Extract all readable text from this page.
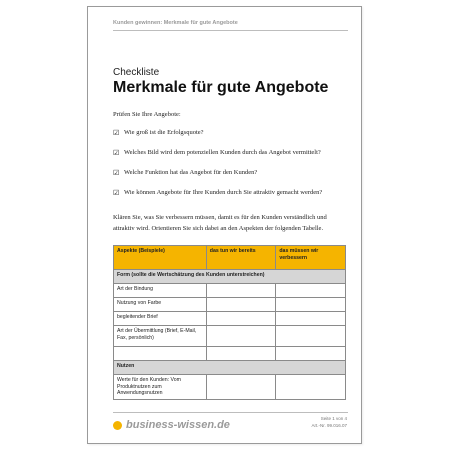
Kunden gewinnen: Merkmale für gute Angebote
Checkliste
Merkmale für gute Angebote
Prüfen Sie Ihre Angebote:
☑ Wie groß ist die Erfolgsquote?
☑ Welches Bild wird dem potenziellen Kunden durch das Angebot vermittelt?
☑ Welche Funktion hat das Angebot für den Kunden?
☑ Wie können Angebote für Ihre Kunden durch Sie attraktiv gemacht werden?
Klären Sie, was Sie verbessern müssen, damit es für den Kunden verständlich und attraktiv wird. Orientieren Sie sich dabei an den Aspekten der folgenden Tabelle.
Aspekte (Beispiele)	das tun wir bereits	das müssen wir verbessern
Form (sollte die Wertschätzung des Kunden unterstreichen)		
Art der Bindung		
Nutzung von Farbe		
begleitender Brief		
Art der Übermittlung (Brief, E-Mail, Fax, persönlich)		

Nutzen		
Werte für den Kunden: Vom Produktnutzen zum Anwendungsnutzen		
business-wissen.de
Seite 1 von 4
Art.-Nr. 99.016.07
